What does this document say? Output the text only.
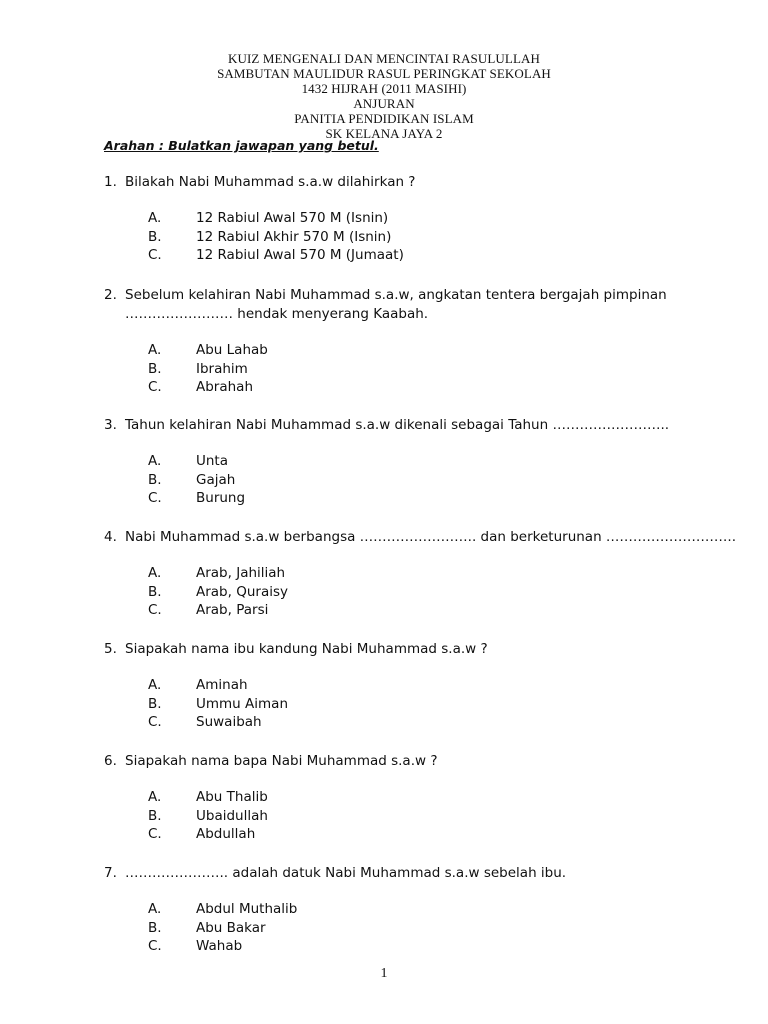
KUIZ MENGENALI DAN MENCINTAI RASULULLAH
SAMBUTAN MAULIDUR RASUL PERINGKAT SEKOLAH
1432 HIJRAH (2011 MASIHI)
ANJURAN
PANITIA PENDIDIKAN ISLAM
SK KELANA JAYA 2
Arahan : Bulatkan jawapan yang betul.
1. Bilakah Nabi Muhammad s.a.w dilahirkan ?
A.	12 Rabiul Awal 570 M (Isnin)
B.	12 Rabiul Akhir 570 M (Isnin)
C.	12 Rabiul Awal 570 M (Jumaat)
2. Sebelum kelahiran Nabi Muhammad s.a.w, angkatan tentera bergajah pimpinan
…………………… hendak menyerang Kaabah.
A.	Abu Lahab
B.	Ibrahim
C.	Abrahah
3. Tahun kelahiran Nabi Muhammad s.a.w dikenali sebagai Tahun ……………………..
A.	Unta
B.	Gajah
C.	Burung
4. Nabi Muhammad s.a.w berbangsa …………………….. dan berketurunan ………………………..
A.	Arab, Jahiliah
B.	Arab, Quraisy
C.	Arab, Parsi
5. Siapakah nama ibu kandung Nabi Muhammad s.a.w ?
A.	Aminah
B.	Ummu Aiman
C.	Suwaibah
6. Siapakah nama bapa Nabi Muhammad s.a.w ?
A.	Abu Thalib
B.	Ubaidullah
C.	Abdullah
7. ………………….. adalah datuk Nabi Muhammad s.a.w sebelah ibu.
A.	Abdul Muthalib
B.	Abu Bakar
C.	Wahab
1
